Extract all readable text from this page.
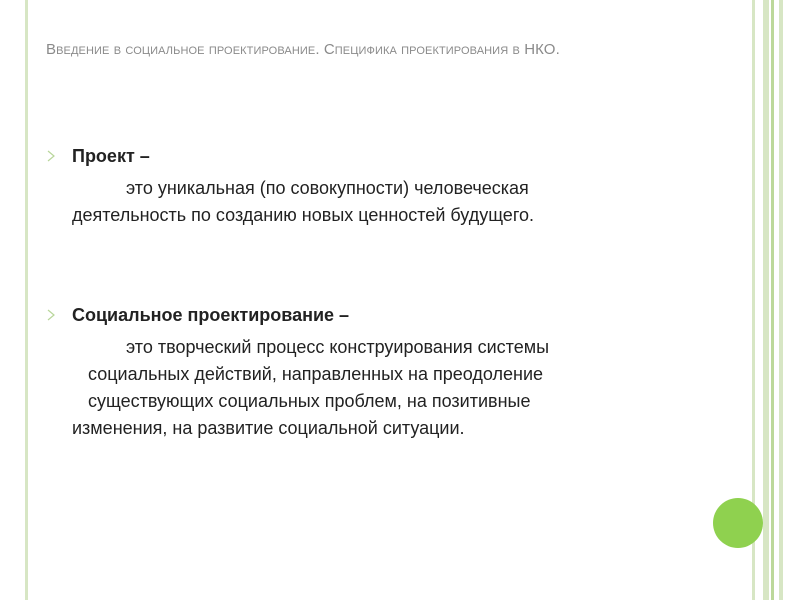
Введение в социальное проектирование. Специфика проектирования в НКО.
Проект –
это уникальная (по совокупности) человеческая
деятельность по созданию новых ценностей будущего.
Социальное проектирование –
это творческий процесс конструирования системы
социальных действий, направленных на преодоление
существующих социальных проблем, на позитивные
изменения, на развитие социальной ситуации.
